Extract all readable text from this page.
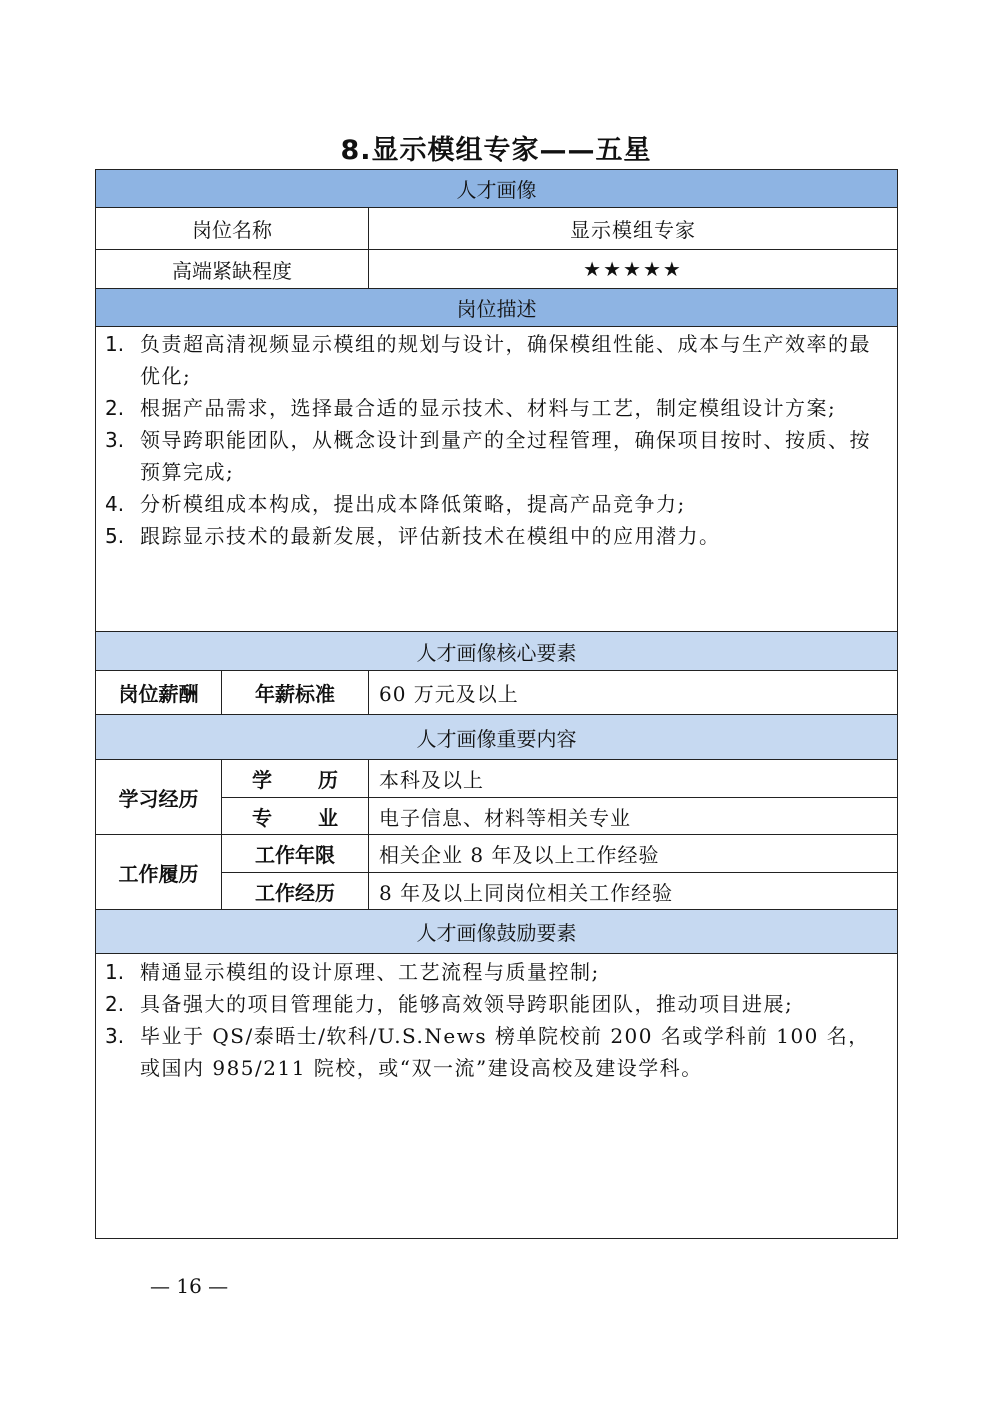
8.显示模组专家——五星
人才画像
岗位名称	显示模组专家
高端紧缺程度	★★★★★
岗位描述
1. 负责超高清视频显示模组的规划与设计，确保模组性能、成本与生产效率的最优化;
2. 根据产品需求，选择最合适的显示技术、材料与工艺，制定模组设计方案;
3. 领导跨职能团队，从概念设计到量产的全过程管理，确保项目按时、按质、按预算完成;
4. 分析模组成本构成，提出成本降低策略，提高产品竞争力;
5. 跟踪显示技术的最新发展，评估新技术在模组中的应用潜力。
人才画像核心要素
岗位薪酬	年薪标准	60 万元及以上
人才画像重要内容
学习经历
学 历	本科及以上
专 业	电子信息、材料等相关专业
工作履历
工作年限	相关企业 8 年及以上工作经验
工作经历	8 年及以上同岗位相关工作经验
人才画像鼓励要素
1. 精通显示模组的设计原理、工艺流程与质量控制;
2. 具备强大的项目管理能力，能够高效领导跨职能团队，推动项目进展;
3. 毕业于 QS/泰晤士/软科/U.S.News 榜单院校前 200 名或学科前 100 名，或国内 985/211 院校，或“双一流”建设高校及建设学科。
— 16 —
